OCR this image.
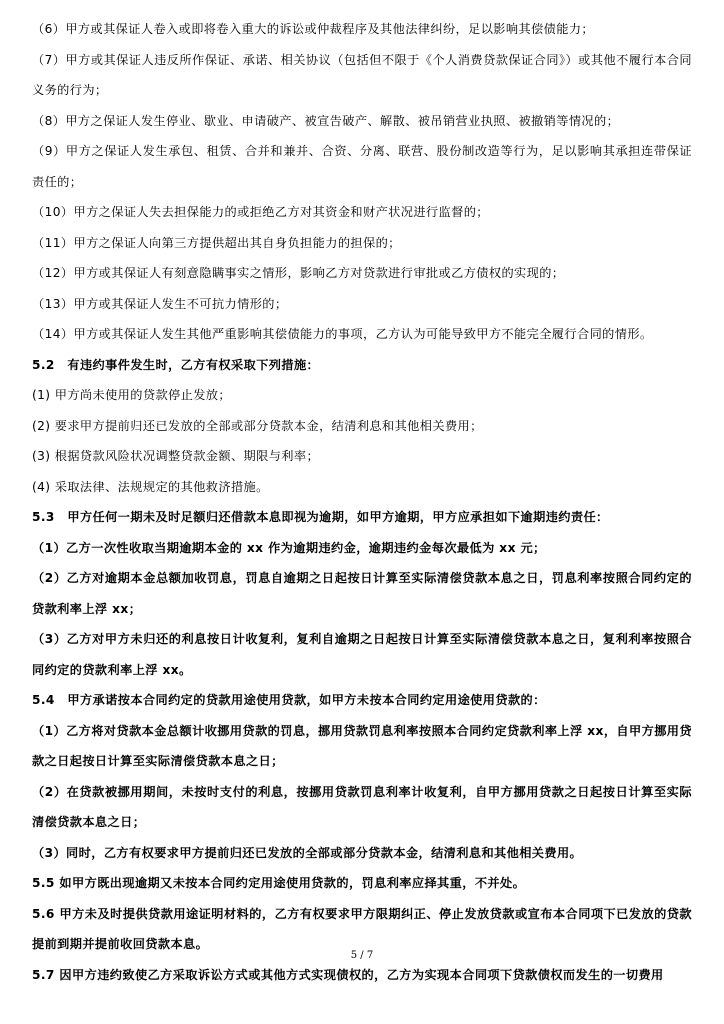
（6）甲方或其保证人卷入或即将卷入重大的诉讼或仲裁程序及其他法律纠纷，足以影响其偿债能力；

（7）甲方或其保证人违反所作保证、承诺、相关协议（包括但不限于《个人消费贷款保证合同》）或其他不履行本合同义务的行为；

（8）甲方之保证人发生停业、歇业、申请破产、被宣告破产、解散、被吊销营业执照、被撤销等情况的；

（9）甲方之保证人发生承包、租赁、合并和兼并、合资、分离、联营、股份制改造等行为，足以影响其承担连带保证责任的；

（10）甲方之保证人失去担保能力的或拒绝乙方对其资金和财产状况进行监督的；

（11）甲方之保证人向第三方提供超出其自身负担能力的担保的；

（12）甲方或其保证人有刻意隐瞒事实之情形，影响乙方对贷款进行审批或乙方债权的实现的；

（13）甲方或其保证人发生不可抗力情形的；

（14）甲方或其保证人发生其他严重影响其偿债能力的事项，乙方认为可能导致甲方不能完全履行合同的情形。

5.2　有违约事件发生时，乙方有权采取下列措施：

(1) 甲方尚未使用的贷款停止发放；

(2) 要求甲方提前归还已发放的全部或部分贷款本金，结清利息和其他相关费用；

(3) 根据贷款风险状况调整贷款金额、期限与利率；

(4) 采取法律、法规规定的其他救济措施。

5.3　甲方任何一期未及时足额归还借款本息即视为逾期，如甲方逾期，甲方应承担如下逾期违约责任：

（1）乙方一次性收取当期逾期本金的 xx 作为逾期违约金，逾期违约金每次最低为 xx 元；

（2）乙方对逾期本金总额加收罚息，罚息自逾期之日起按日计算至实际清偿贷款本息之日，罚息利率按照合同约定的贷款利率上浮 xx；

（3）乙方对甲方未归还的利息按日计收复利，复利自逾期之日起按日计算至实际清偿贷款本息之日，复利利率按照合同约定的贷款利率上浮 xx。

5.4　甲方承诺按本合同约定的贷款用途使用贷款，如甲方未按本合同约定用途使用贷款的：

（1）乙方将对贷款本金总额计收挪用贷款的罚息，挪用贷款罚息利率按照本合同约定贷款利率上浮 xx，自甲方挪用贷款之日起按日计算至实际清偿贷款本息之日；

（2）在贷款被挪用期间，未按时支付的利息，按挪用贷款罚息利率计收复利，自甲方挪用贷款之日起按日计算至实际清偿贷款本息之日；

（3）同时，乙方有权要求甲方提前归还已发放的全部或部分贷款本金，结清利息和其他相关费用。

5.5 如甲方既出现逾期又未按本合同约定用途使用贷款的，罚息利率应择其重，不并处。

5.6 甲方未及时提供贷款用途证明材料的，乙方有权要求甲方限期纠正、停止发放贷款或宣布本合同项下已发放的贷款提前到期并提前收回贷款本息。

5.7 因甲方违约致使乙方采取诉讼方式或其他方式实现债权的，乙方为实现本合同项下贷款债权而发生的一切费用

5 / 7
